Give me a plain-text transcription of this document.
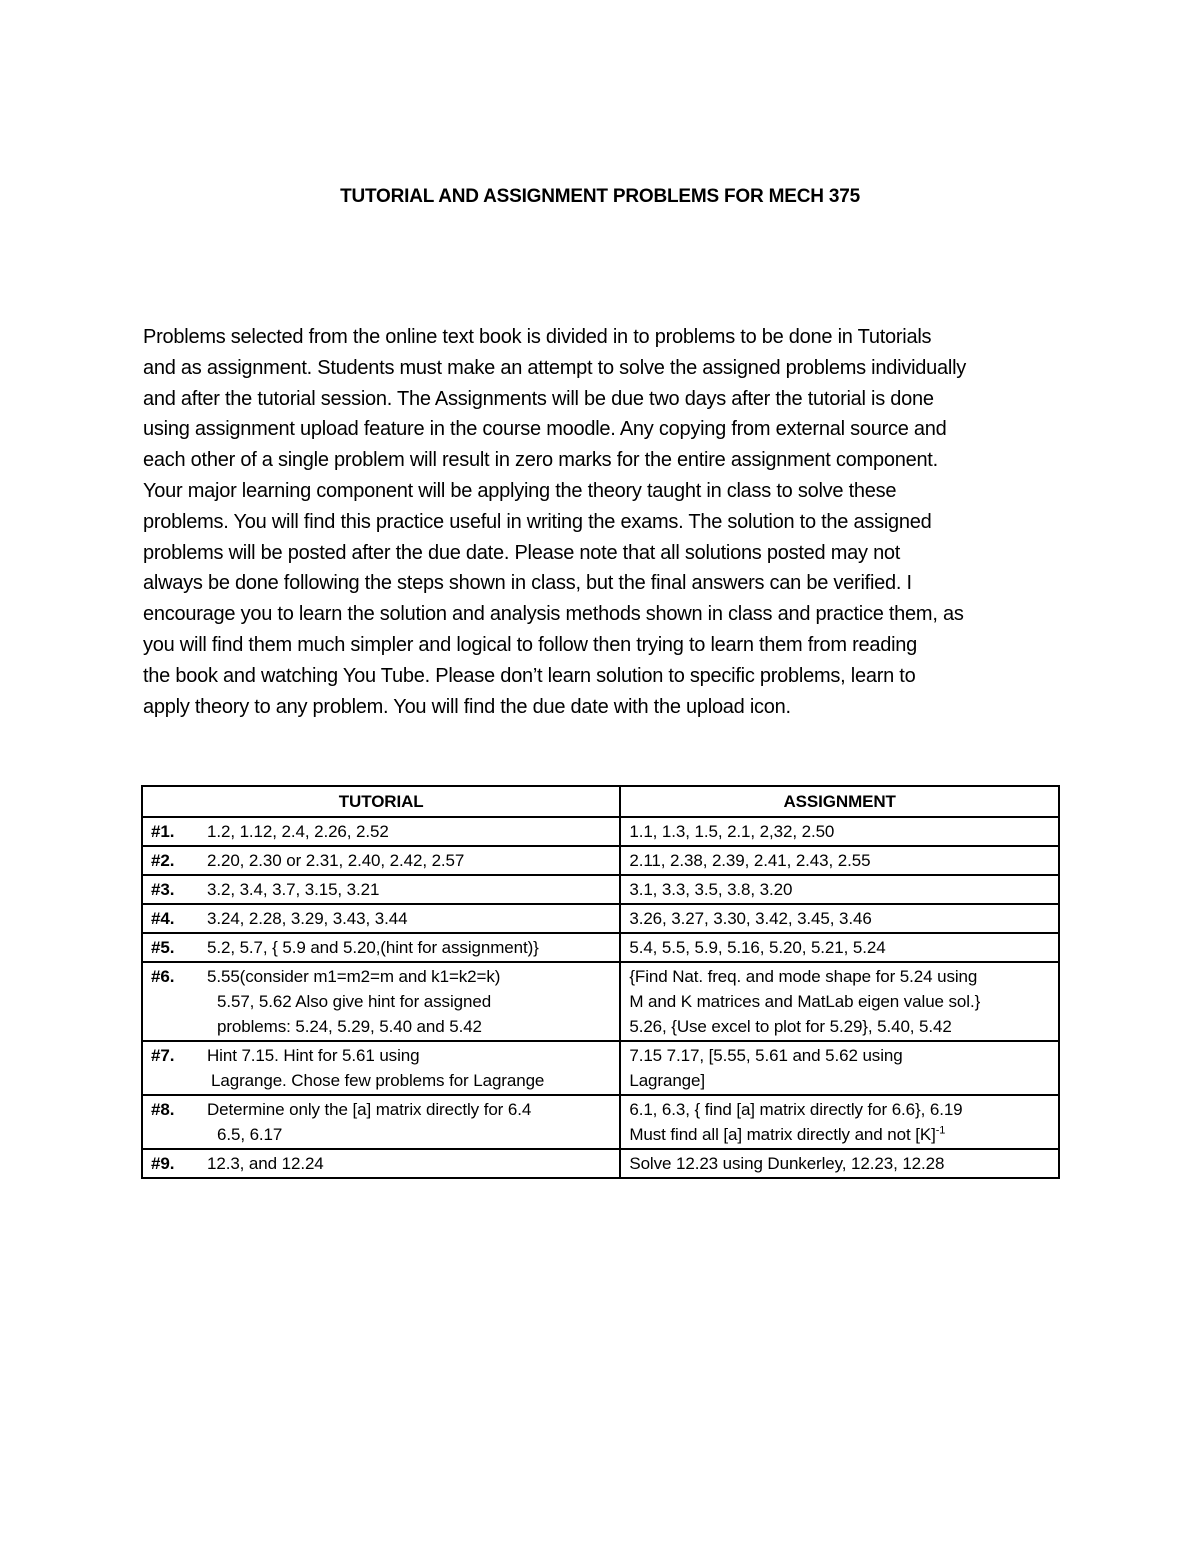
TUTORIAL AND ASSIGNMENT PROBLEMS FOR MECH 375

Problems selected from the online text book is divided in to problems to be done in Tutorials
and as assignment. Students must make an attempt to solve the assigned problems individually
and after the tutorial session. The Assignments will be due two days after the tutorial is done
using assignment upload feature in the course moodle. Any copying from external source and
each other of a single problem will result in zero marks for the entire assignment component.
Your major learning component will be applying the theory taught in class to solve these
problems. You will find this practice useful in writing the exams. The solution to the assigned
problems will be posted after the due date. Please note that all solutions posted may not
always be done following the steps shown in class, but the final answers can be verified. I
encourage you to learn the solution and analysis methods shown in class and practice them, as
you will find them much simpler and logical to follow then trying to learn them from reading
the book and watching You Tube. Please don’t learn solution to specific problems, learn to
apply theory to any problem. You will find the due date with the upload icon.

TUTORIAL	ASSIGNMENT
#1. 1.2, 1.12, 2.4, 2.26, 2.52	1.1, 1.3, 1.5, 2.1, 2,32, 2.50
#2. 2.20, 2.30 or 2.31, 2.40, 2.42, 2.57	2.11, 2.38, 2.39, 2.41, 2.43, 2.55
#3. 3.2, 3.4, 3.7, 3.15, 3.21	3.1, 3.3, 3.5, 3.8, 3.20
#4. 3.24, 2.28, 3.29, 3.43, 3.44	3.26, 3.27, 3.30, 3.42, 3.45, 3.46
#5. 5.2, 5.7, { 5.9 and 5.20,(hint for assignment)}	5.4, 5.5, 5.9, 5.16, 5.20, 5.21, 5.24

#6. 5.55(consider m1=m2=m and k1=k2=k)
5.57, 5.62 Also give hint for assigned
problems: 5.24, 5.29, 5.40 and 5.42	{Find Nat. freq. and mode shape for 5.24 using
M and K matrices and MatLab eigen value sol.}
5.26, {Use excel to plot for 5.29}, 5.40, 5.42

#7. Hint 7.15. Hint for 5.61 using
Lagrange. Chose few problems for Lagrange	7.15 7.17, [5.55, 5.61 and 5.62 using
Lagrange]

#8. Determine only the [a] matrix directly for 6.4
6.5, 6.17	6.1, 6.3, { find [a] matrix directly for 6.6}, 6.19
Must find all [a] matrix directly and not $[K]^{-1}$

#9. 12.3, and 12.24	Solve 12.23 using Dunkerley, 12.23, 12.28
